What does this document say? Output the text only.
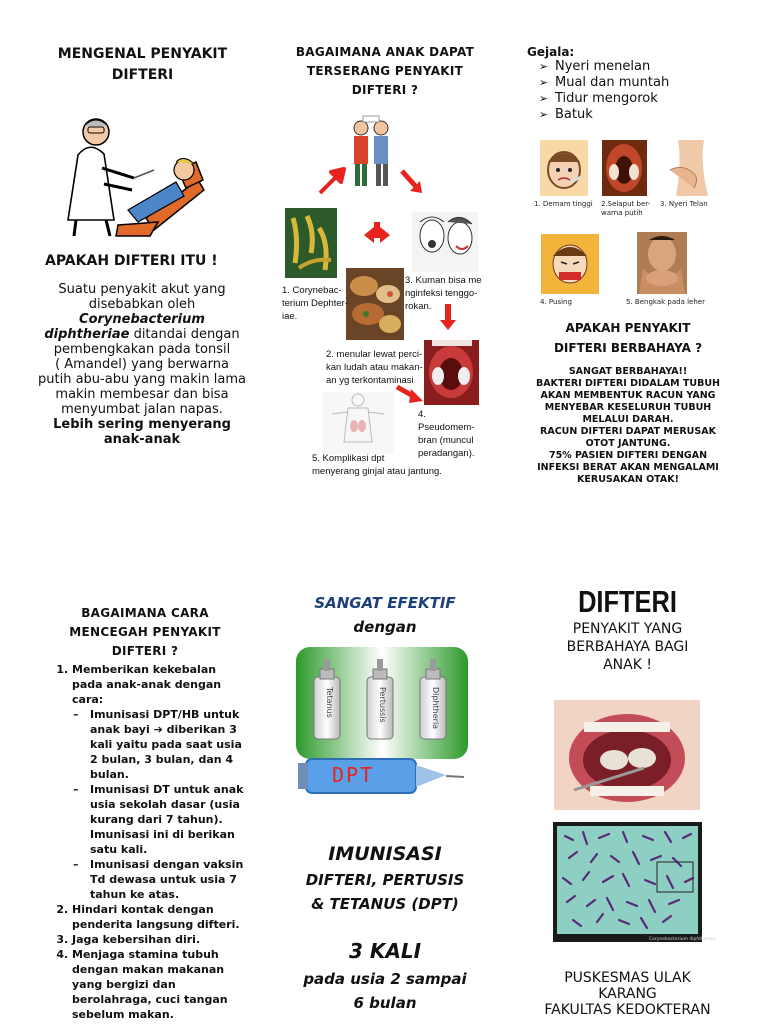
MENGENAL PENYAKIT
DIFTERI
APAKAH DIFTERI ITU !
Suatu penyakit akut yang
disebabkan oleh
Corynebacterium
diphtheriae ditandai dengan
pembengkakan pada tonsil
( Amandel) yang berwarna
putih abu-abu yang makin lama
makin membesar dan bisa
menyumbat jalan napas.
Lebih sering menyerang
anak-anak
BAGAIMANA ANAK DAPAT
TERSERANG PENYAKIT
DIFTERI ?
1. Corynebac-
terium Dephter-
iae.
3. Kuman bisa me
nginfeksi tenggo-
rokan.
2. menular lewat perci-
kan ludah atau makan-
an yg terkontaminasi
4. Pseudomem-
bran (muncul
peradangan).
5. Komplikasi dpt
menyerang ginjal atau jantung.
Gejala:
➢ Nyeri menelan
➢ Mual dan muntah
➢ Tidur mengorok
➢ Batuk
1. Demam tinggi 2.Selaput ber-
warna putih
3. Nyeri Telan
4. Pusing	5. Bengkak pada leher
APAKAH PENYAKIT
DIFTERI BERBAHAYA ?
SANGAT BERBAHAYA!!
BAKTERI DIFTERI DIDALAM TUBUH
AKAN MEMBENTUK RACUN YANG
MENYEBAR KESELURUH TUBUH
MELALUI DARAH.
RACUN DIFTERI DAPAT MERUSAK
OTOT JANTUNG.
75% PASIEN DIFTERI DENGAN
INFEKSI BERAT AKAN MENGALAMI
KERUSAKAN OTAK!
BAGAIMANA CARA
MENCEGAH PENYAKIT
DIFTERI ?
1. Memberikan kekebalan
pada anak-anak dengan
cara:
– Imunisasi DPT/HB untuk
anak bayi ➔ diberikan 3
kali yaitu pada saat usia
2 bulan, 3 bulan, dan 4
bulan.
– Imunisasi DT untuk anak
usia sekolah dasar (usia
kurang dari 7 tahun).
Imunisasi ini di berikan
satu kali.
– Imunisasi dengan vaksin
Td dewasa untuk usia 7
tahun ke atas.
2. Hindari kontak dengan
penderita langsung difteri.
3. Jaga kebersihan diri.
4. Menjaga stamina tubuh
dengan makan makanan
yang bergizi dan
berolahraga, cuci tangan
sebelum makan.
SANGAT EFEKTIF
dengan
Tetanus	Pertussis	Diphtheria
DPT
IMUNISASI
DIFTERI, PERTUSIS
& TETANUS (DPT)
3 KALI
pada usia 2 sampai
6 bulan
DIFTERI
PENYAKIT YANG
BERBAHAYA BAGI
ANAK !
Corynebacterium diphtheriae
PUSKESMAS ULAK
KARANG
FAKULTAS KEDOKTERAN
